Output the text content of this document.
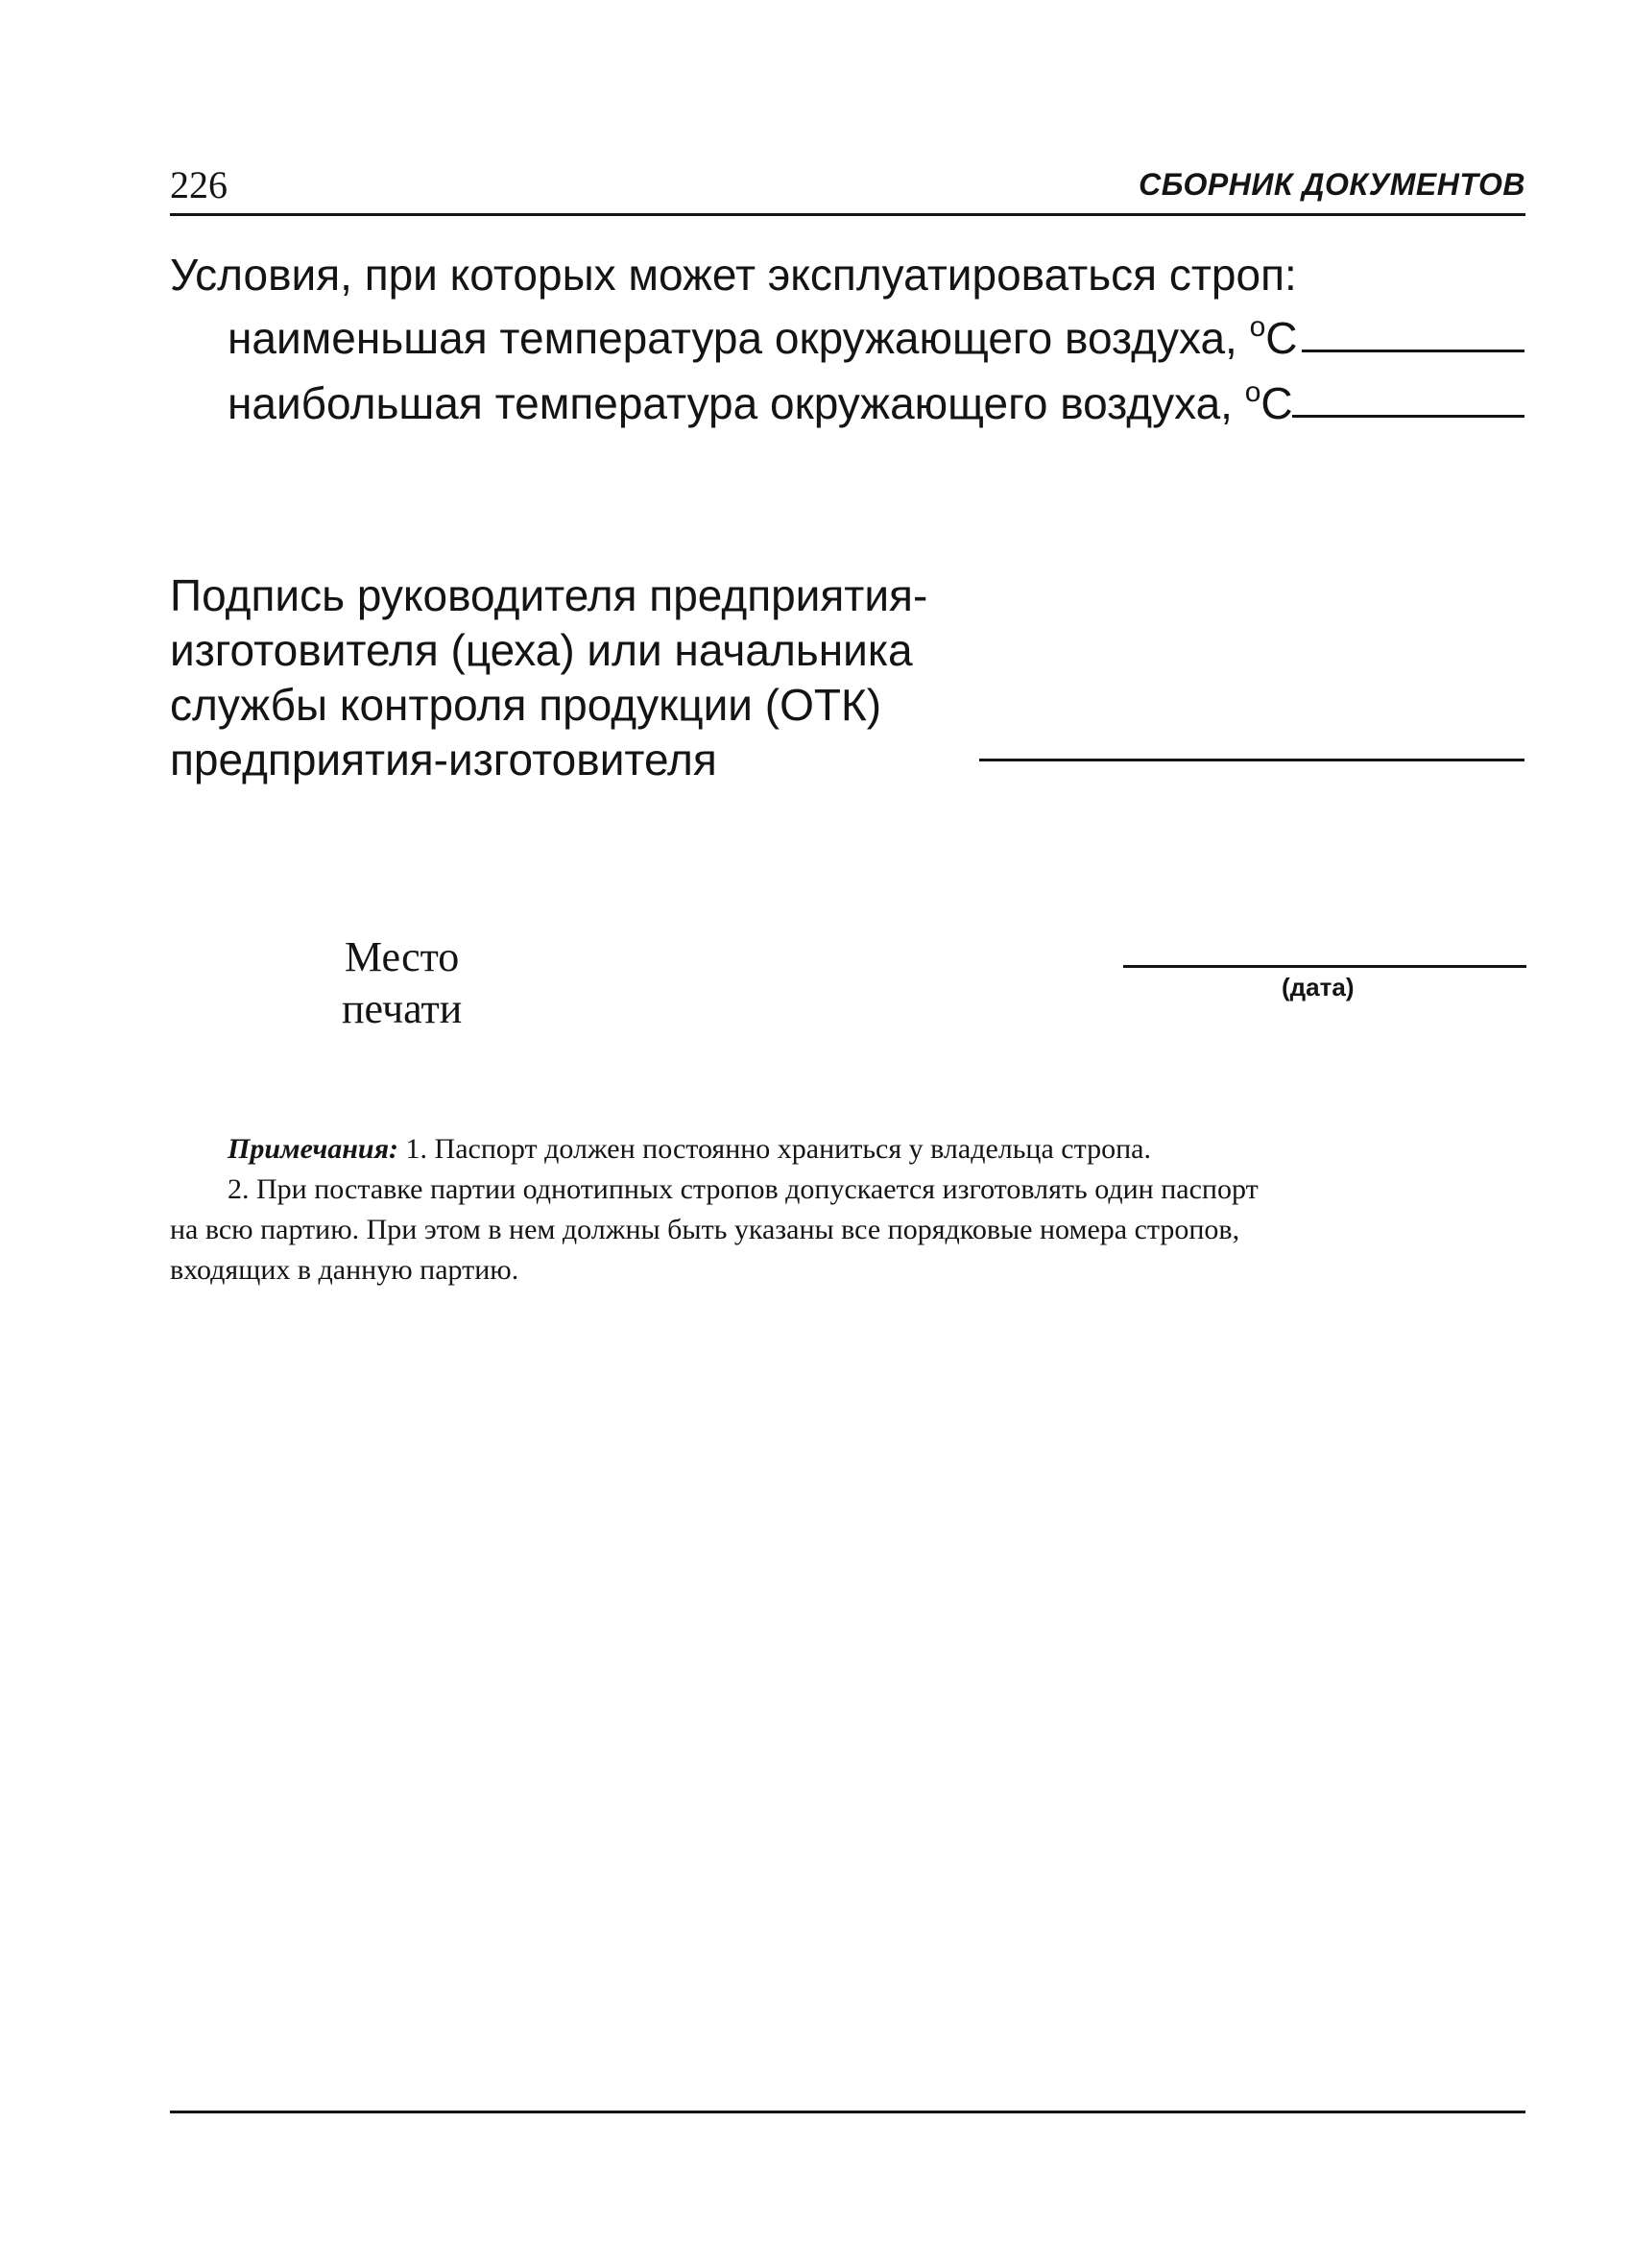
226	СБОРНИК ДОКУМЕНТОВ
Условия, при которых может эксплуатироваться строп:
наименьшая температура окружающего воздуха, $^o$C
наибольшая температура окружающего воздуха, $^o$C
Подпись руководителя предприятия-
изготовителя (цеха) или начальника
службы контроля продукции (ОТК)
предприятия-изготовителя
Место
печати	(дата)
Примечания: 1. Паспорт должен постоянно храниться у владельца стропа.
2. При поставке партии однотипных стропов допускается изготовлять один паспорт
на всю партию. При этом в нем должны быть указаны все порядковые номера стропов,
входящих в данную партию.
